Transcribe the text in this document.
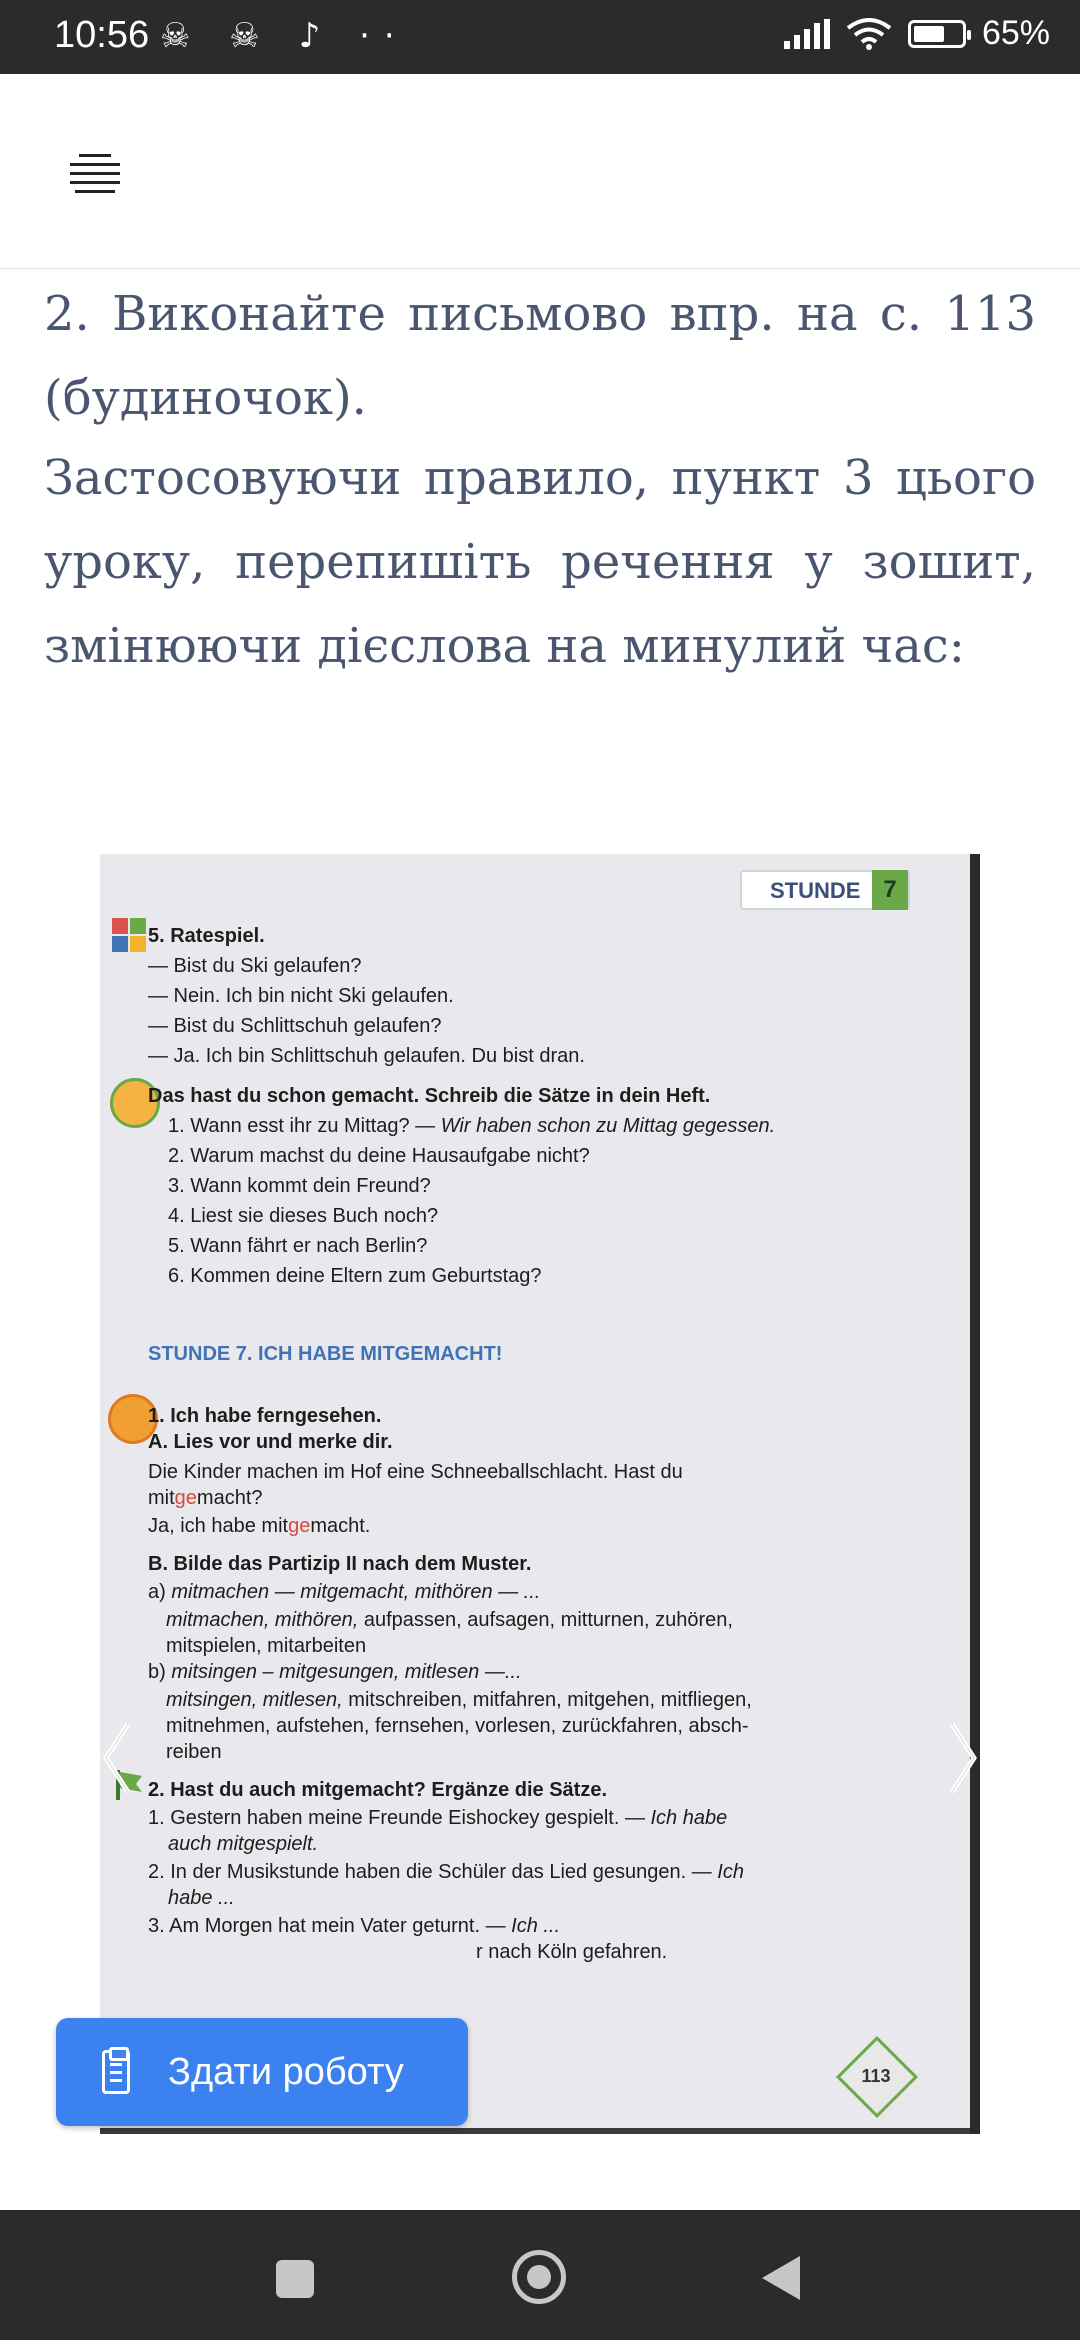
10:56 ☠ ☠ ♪ ··	65%

2. Виконайте письмово впр. на с. 113 (будиночок).

Застосовуючи правило, пункт 3 цього уроку, перепишіть речення у зошит, змінюючи дієслова на минулий час:

STUNDE 7
5. Ratespiel.
— Bist du Ski gelaufen?
— Nein. Ich bin nicht Ski gelaufen.
— Bist du Schlittschuh gelaufen?
— Ja. Ich bin Schlittschuh gelaufen. Du bist dran.
Das hast du schon gemacht. Schreib die Sätze in dein Heft.
1. Wann esst ihr zu Mittag? — Wir haben schon zu Mittag gegessen.
2. Warum machst du deine Hausaufgabe nicht?
3. Wann kommt dein Freund?
4. Liest sie dieses Buch noch?
5. Wann fährt er nach Berlin?
6. Kommen deine Eltern zum Geburtstag?
STUNDE 7. ICH HABE MITGEMACHT!
1. Ich habe ferngesehen.
A. Lies vor und merke dir.
Die Kinder machen im Hof eine Schneeballschlacht. Hast du
mitgemacht?
Ja, ich habe mitgemacht.
B. Bilde das Partizip II nach dem Muster.
a) mitmachen — mitgemacht, mithören — ...
mitmachen, mithören, aufpassen, aufsagen, mitturnen, zuhören,
mitspielen, mitarbeiten
b) mitsingen – mitgesungen, mitlesen —...
mitsingen, mitlesen, mitschreiben, mitfahren, mitgehen, mitfliegen,
mitnehmen, aufstehen, fernsehen, vorlesen, zurückfahren, absch-
reiben
2. Hast du auch mitgemacht? Ergänze die Sätze.
1. Gestern haben meine Freunde Eishockey gespielt. — Ich habe
auch mitgespielt.
2. In der Musikstunde haben die Schüler das Lied gesungen. — Ich
habe ...
3. Am Morgen hat mein Vater geturnt. — Ich ...
r nach Köln gefahren.
113
Здати роботу
